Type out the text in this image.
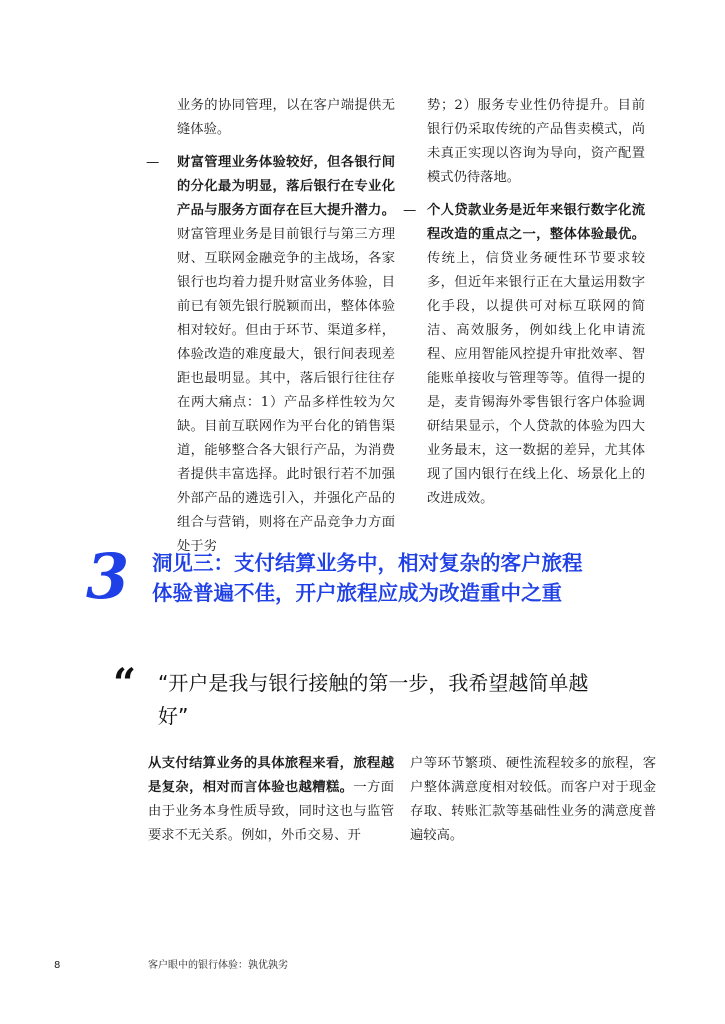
业务的协同管理，以在客户端提供无缝体验。

— 财富管理业务体验较好，但各银行间的分化最为明显，落后银行在专业化产品与服务方面存在巨大提升潜力。财富管理业务是目前银行与第三方理财、互联网金融竞争的主战场，各家银行也均着力提升财富业务体验，目前已有领先银行脱颖而出，整体体验相对较好。但由于环节、渠道多样，体验改造的难度最大，银行间表现差距也最明显。其中，落后银行往往存在两大痛点：1）产品多样性较为欠缺。目前互联网作为平台化的销售渠道，能够整合各大银行产品，为消费者提供丰富选择。此时银行若不加强外部产品的遴选引入，并强化产品的组合与营销，则将在产品竞争力方面处于劣

势；2）服务专业性仍待提升。目前银行仍采取传统的产品售卖模式，尚未真正实现以咨询为导向，资产配置模式仍待落地。

— 个人贷款业务是近年来银行数字化流程改造的重点之一，整体体验最优。传统上，信贷业务硬性环节要求较多，但近年来银行正在大量运用数字化手段，以提供可对标互联网的简洁、高效服务，例如线上化申请流程、应用智能风控提升审批效率、智能账单接收与管理等等。值得一提的是，麦肯锡海外零售银行客户体验调研结果显示，个人贷款的体验为四大业务最末，这一数据的差异，尤其体现了国内银行在线上化、场景化上的改进成效。

3 洞见三：支付结算业务中，相对复杂的客户旅程体验普遍不佳，开户旅程应成为改造重中之重
“ “开户是我与银行接触的第一步，我希望越简单越好”

从支付结算业务的具体旅程来看，旅程越是复杂，相对而言体验也越糟糕。一方面由于业务本身性质导致，同时这也与监管要求不无关系。例如，外币交易、开

户等环节繁琐、硬性流程较多的旅程，客户整体满意度相对较低。而客户对于现金存取、转账汇款等基础性业务的满意度普遍较高。

8	客户眼中的银行体验：孰优孰劣
